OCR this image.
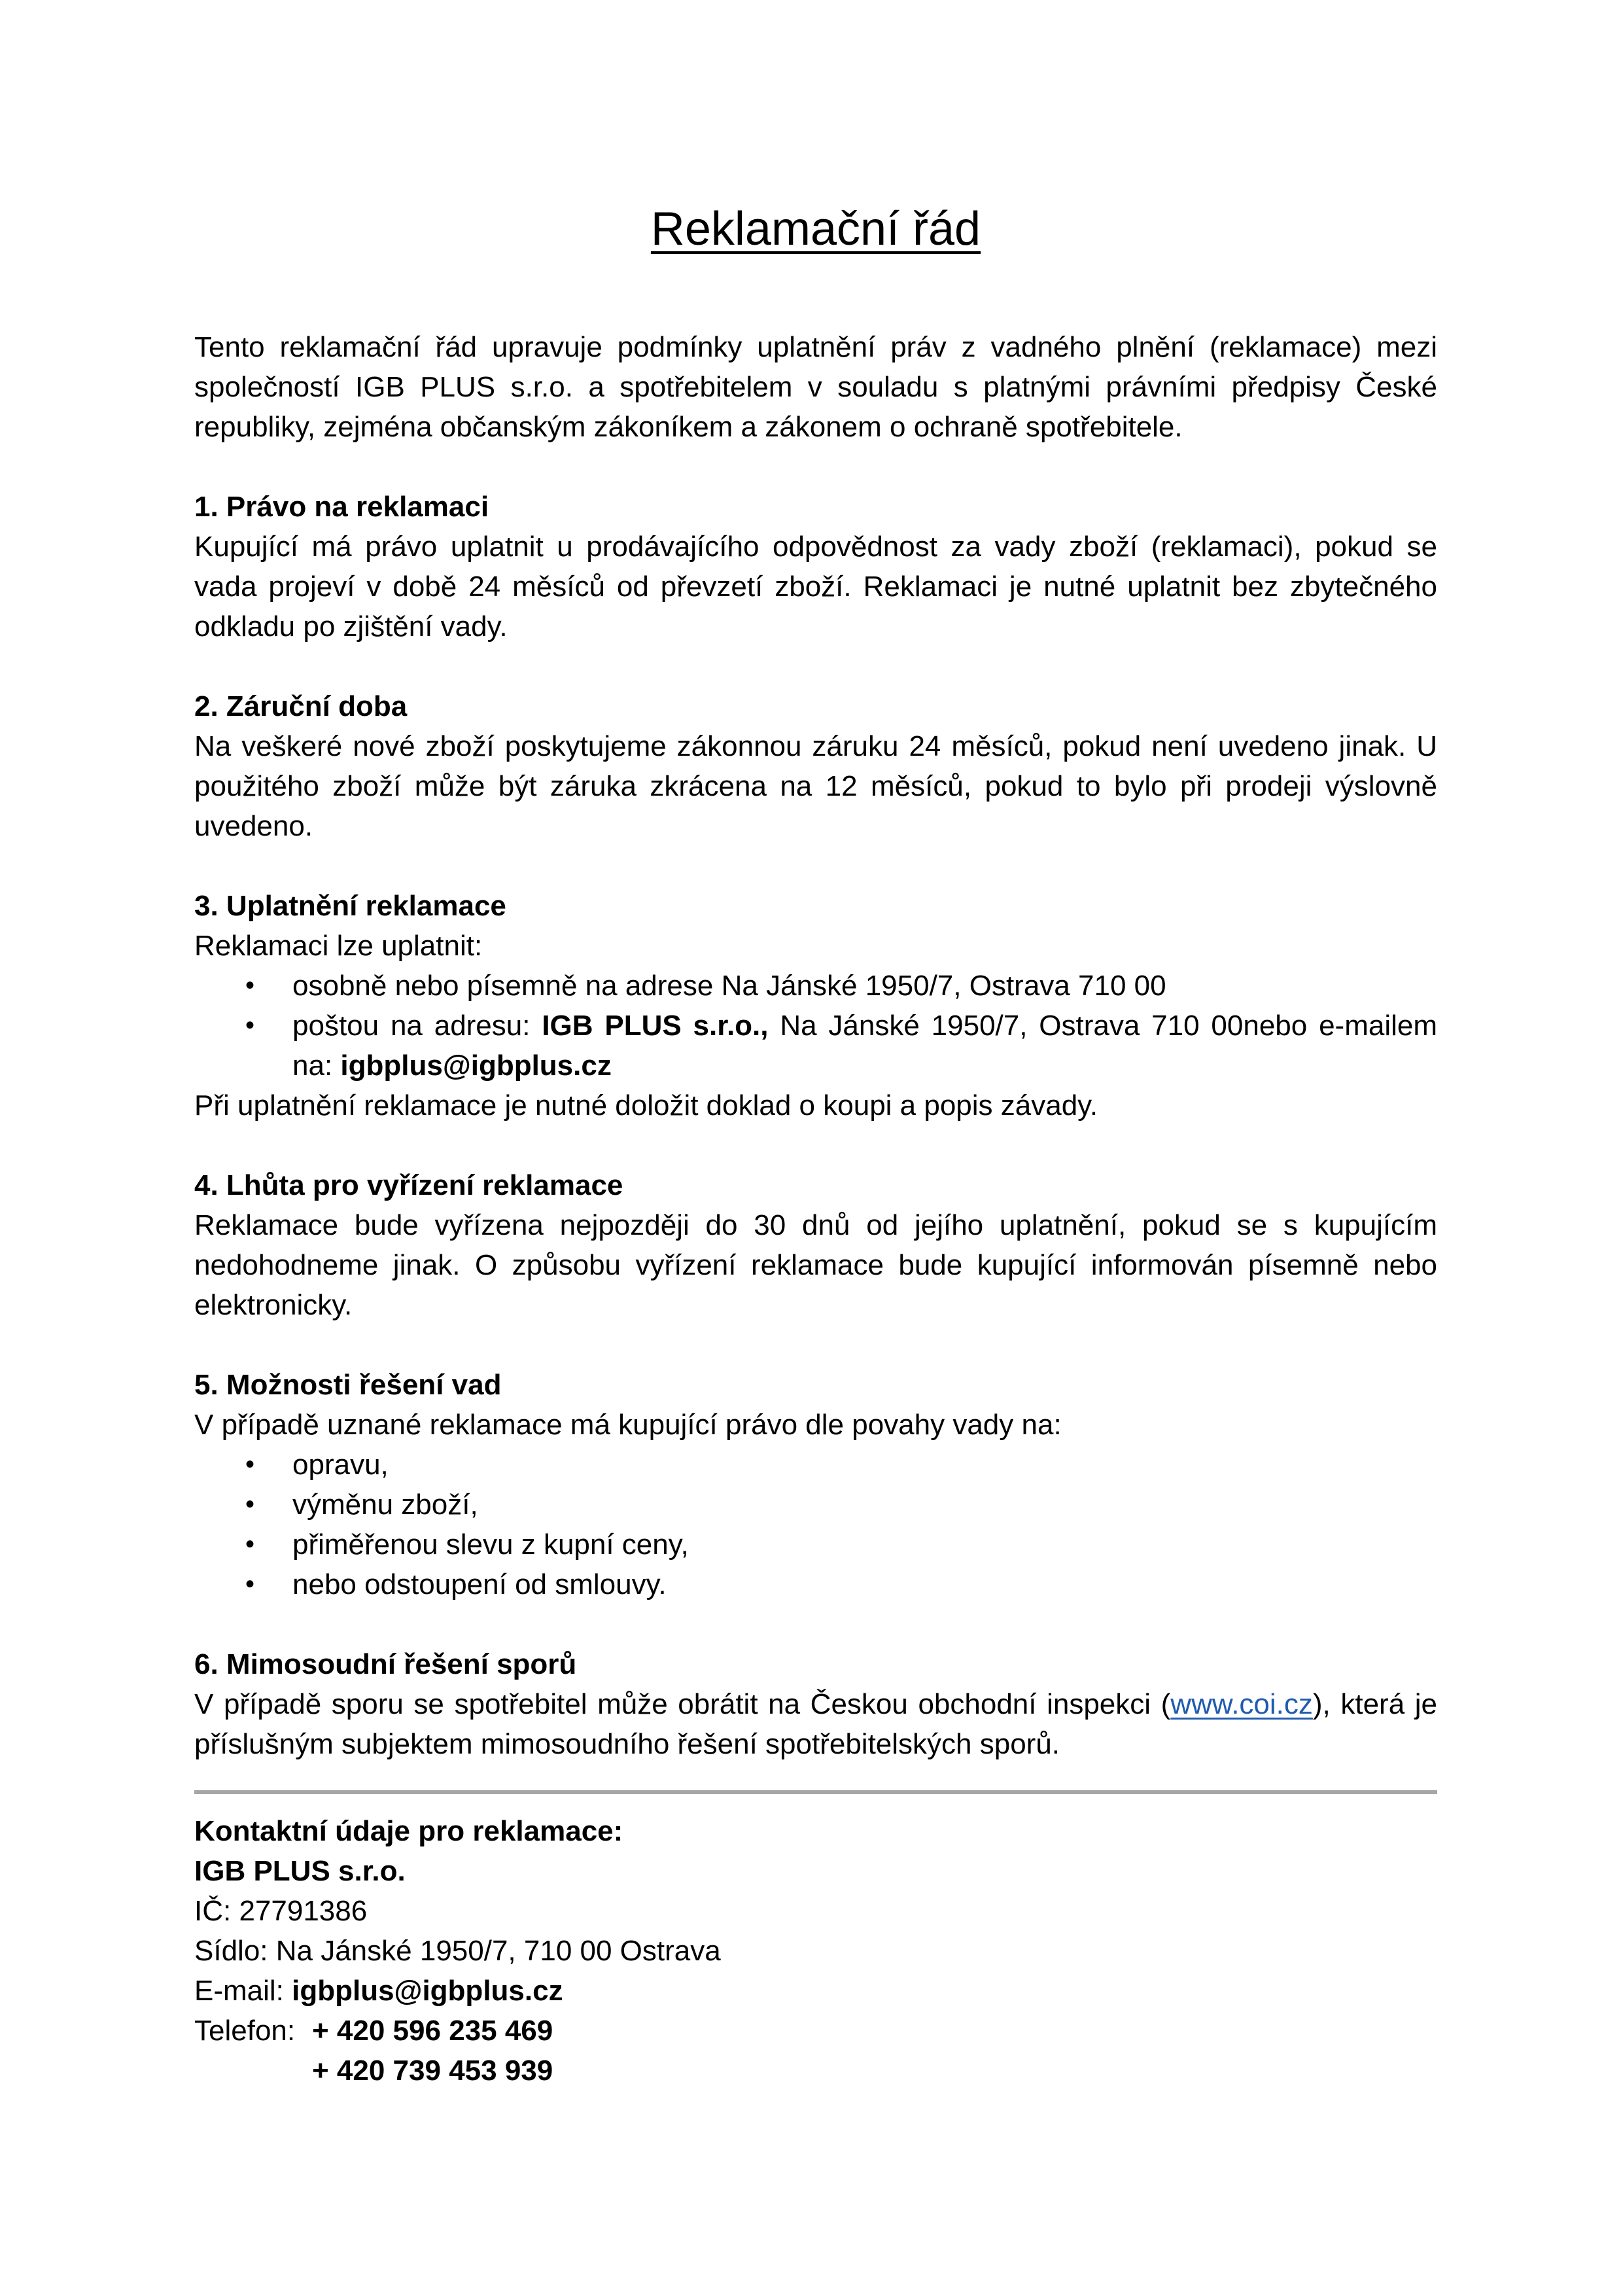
Reklamační řád

Tento reklamační řád upravuje podmínky uplatnění práv z vadného plnění (reklamace) mezi společností IGB PLUS s.r.o. a spotřebitelem v souladu s platnými právními předpisy České republiky, zejména občanským zákoníkem a zákonem o ochraně spotřebitele.

1. Právo na reklamaci

Kupující má právo uplatnit u prodávajícího odpovědnost za vady zboží (reklamaci), pokud se vada projeví v době 24 měsíců od převzetí zboží. Reklamaci je nutné uplatnit bez zbytečného odkladu po zjištění vady.

2. Záruční doba

Na veškeré nové zboží poskytujeme zákonnou záruku 24 měsíců, pokud není uvedeno jinak. U použitého zboží může být záruka zkrácena na 12 měsíců, pokud to bylo při prodeji výslovně uvedeno.

3. Uplatnění reklamace

Reklamaci lze uplatnit:

• osobně nebo písemně na adrese Na Jánské 1950/7, Ostrava 710 00
• poštou na adresu: IGB PLUS s.r.o., Na Jánské 1950/7, Ostrava 710 00nebo e-mailem na: igbplus@igbplus.cz

Při uplatnění reklamace je nutné doložit doklad o koupi a popis závady.

4. Lhůta pro vyřízení reklamace

Reklamace bude vyřízena nejpozději do 30 dnů od jejího uplatnění, pokud se s kupujícím nedohodneme jinak. O způsobu vyřízení reklamace bude kupující informován písemně nebo elektronicky.

5. Možnosti řešení vad

V případě uznané reklamace má kupující právo dle povahy vady na:

• opravu,
• výměnu zboží,
• přiměřenou slevu z kupní ceny,
• nebo odstoupení od smlouvy.

6. Mimosoudní řešení sporů

V případě sporu se spotřebitel může obrátit na Českou obchodní inspekci (www.coi.cz), která je příslušným subjektem mimosoudního řešení spotřebitelských sporů.

Kontaktní údaje pro reklamace:

IGB PLUS s.r.o.

IČ: 27791386

Sídlo: Na Jánské 1950/7, 710 00 Ostrava

E-mail: igbplus@igbplus.cz

Telefon: + 420 596 235 469
+ 420 739 453 939
